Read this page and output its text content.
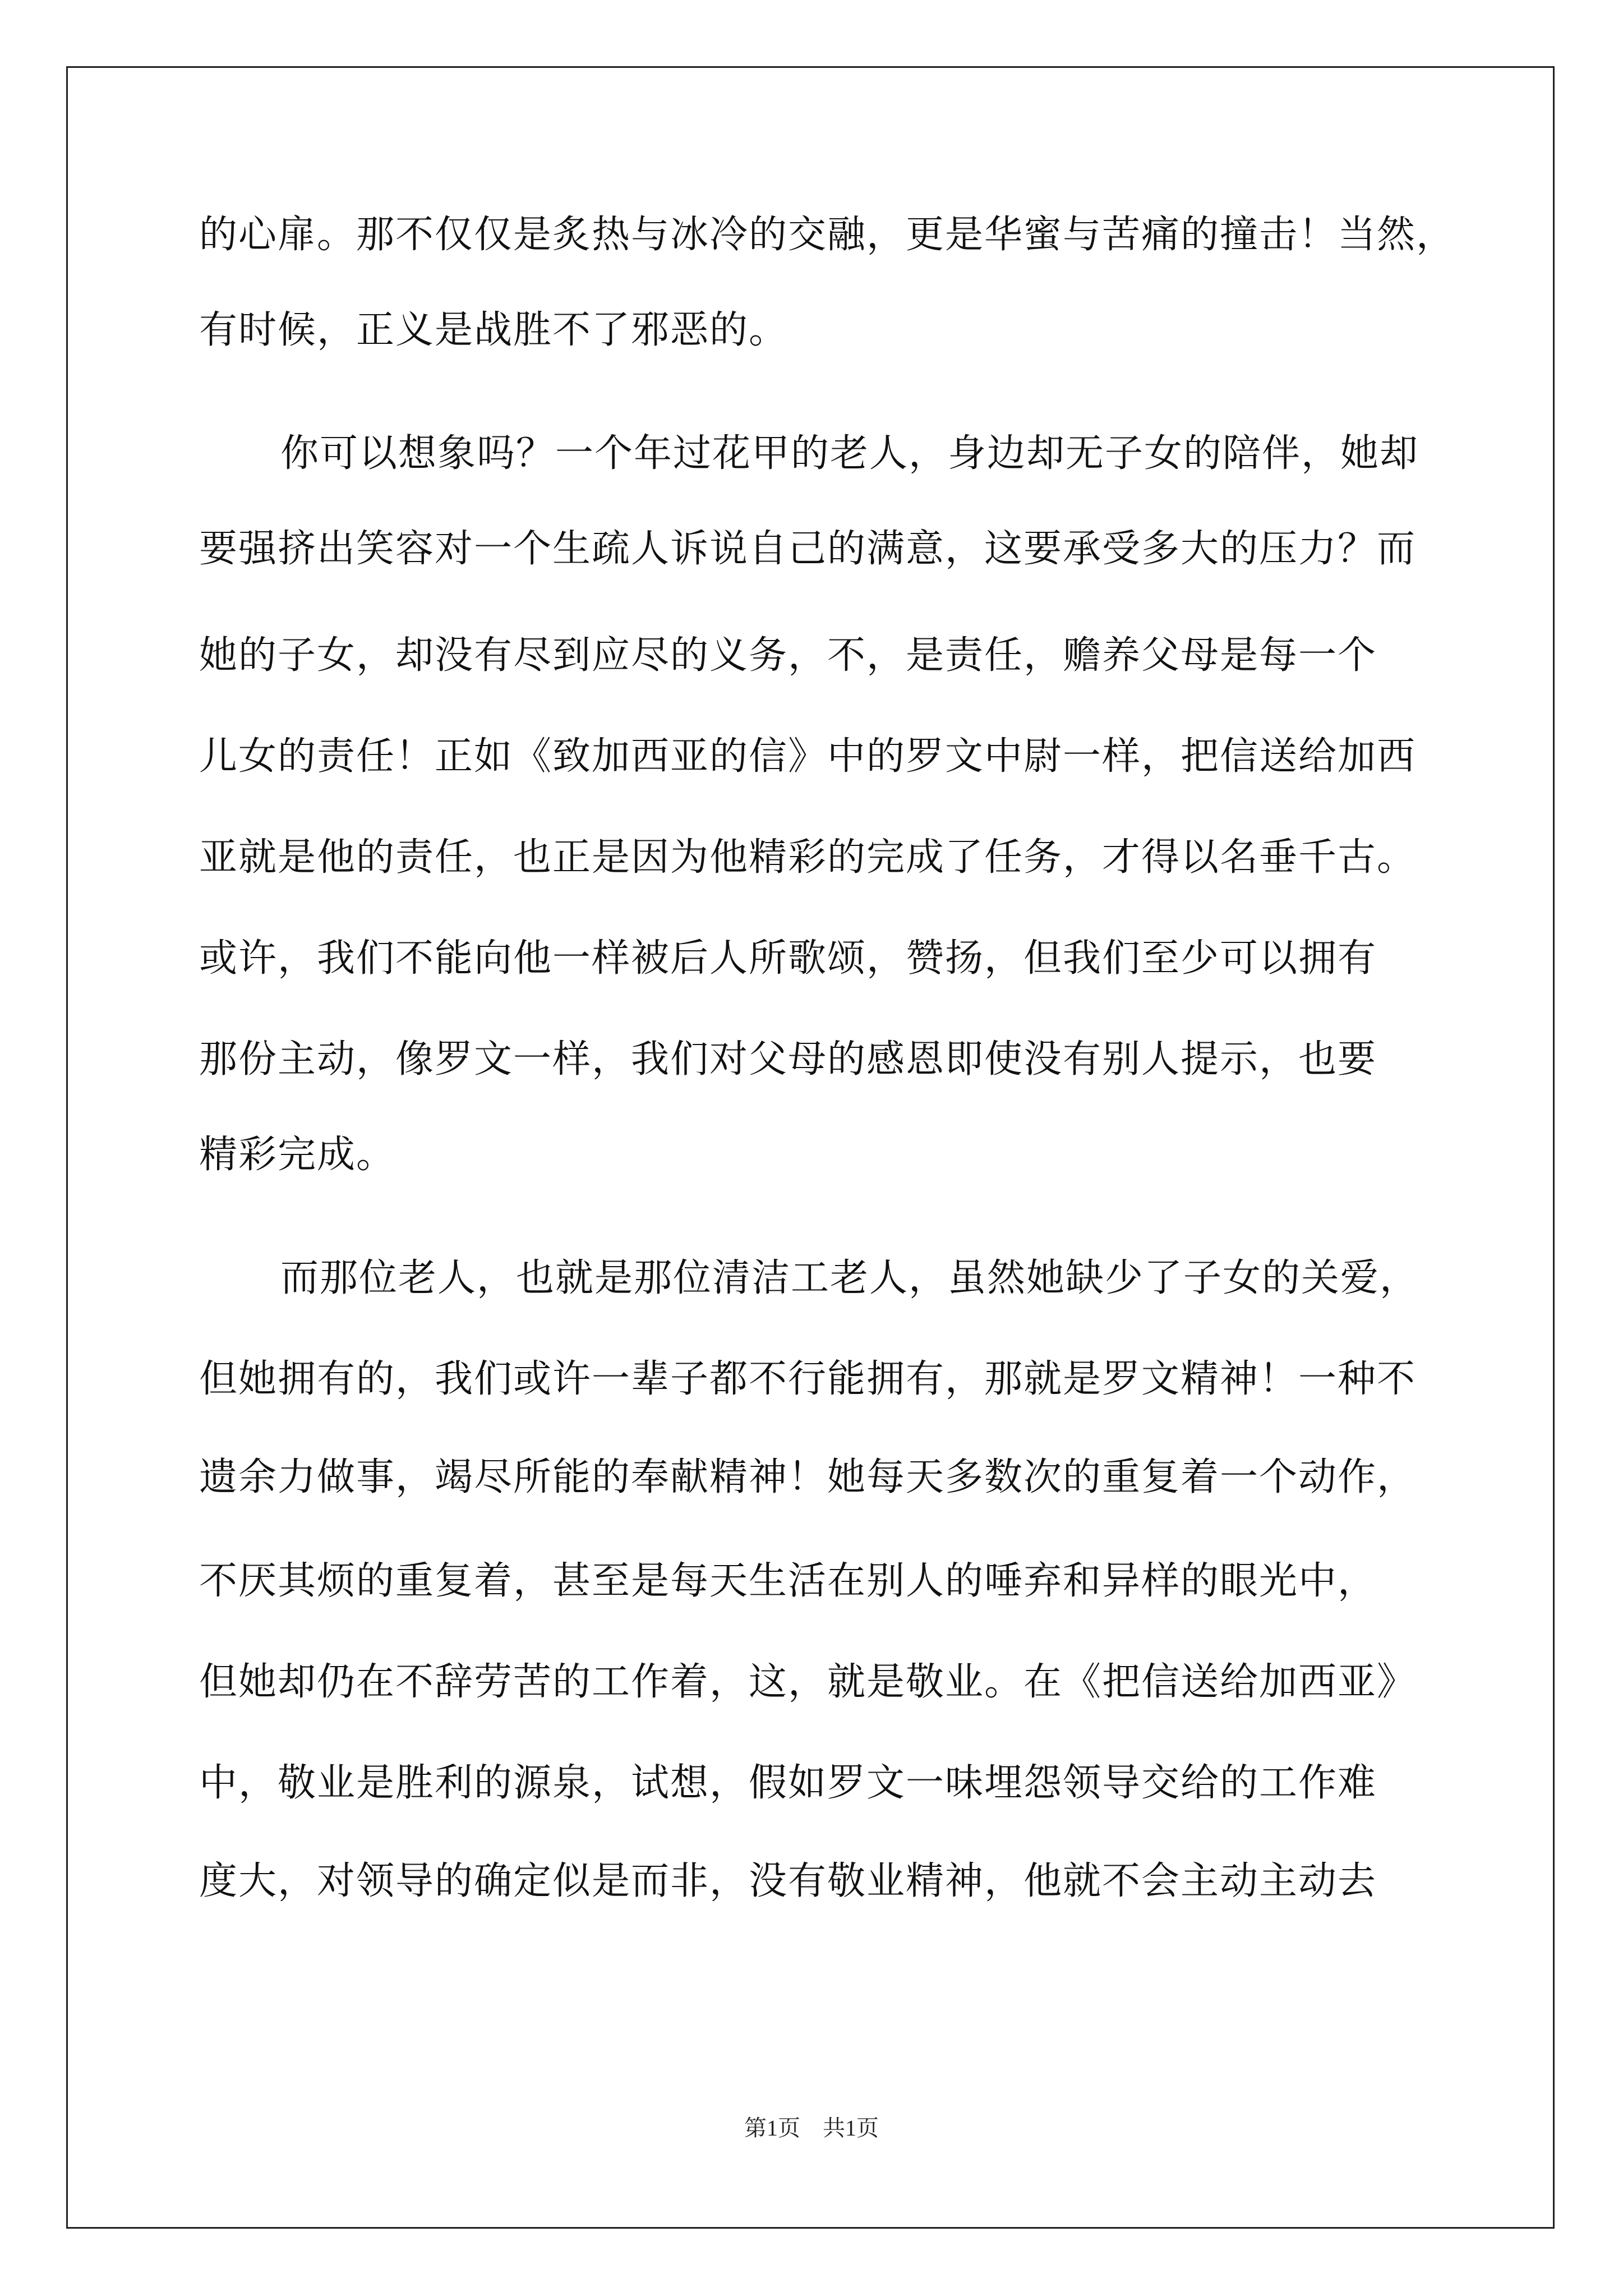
的心扉。那不仅仅是炙热与冰冷的交融，更是华蜜与苦痛的撞击！当然，
有时候，正义是战胜不了邪恶的。
你可以想象吗？一个年过花甲的老人，身边却无子女的陪伴，她却
要强挤出笑容对一个生疏人诉说自己的满意，这要承受多大的压力？而
她的子女，却没有尽到应尽的义务，不，是责任，赡养父母是每一个
儿女的责任！正如《致加西亚的信》中的罗文中尉一样，把信送给加西
亚就是他的责任，也正是因为他精彩的完成了任务，才得以名垂千古。
或许，我们不能向他一样被后人所歌颂，赞扬，但我们至少可以拥有
那份主动，像罗文一样，我们对父母的感恩即使没有别人提示，也要
精彩完成。
而那位老人，也就是那位清洁工老人，虽然她缺少了子女的关爱，
但她拥有的，我们或许一辈子都不行能拥有，那就是罗文精神！一种不
遗余力做事，竭尽所能的奉献精神！她每天多数次的重复着一个动作，
不厌其烦的重复着，甚至是每天生活在别人的唾弃和异样的眼光中，
但她却仍在不辞劳苦的工作着，这，就是敬业。在《把信送给加西亚》
中，敬业是胜利的源泉，试想，假如罗文一味埋怨领导交给的工作难
度大，对领导的确定似是而非，没有敬业精神，他就不会主动主动去
第1页　共1页
